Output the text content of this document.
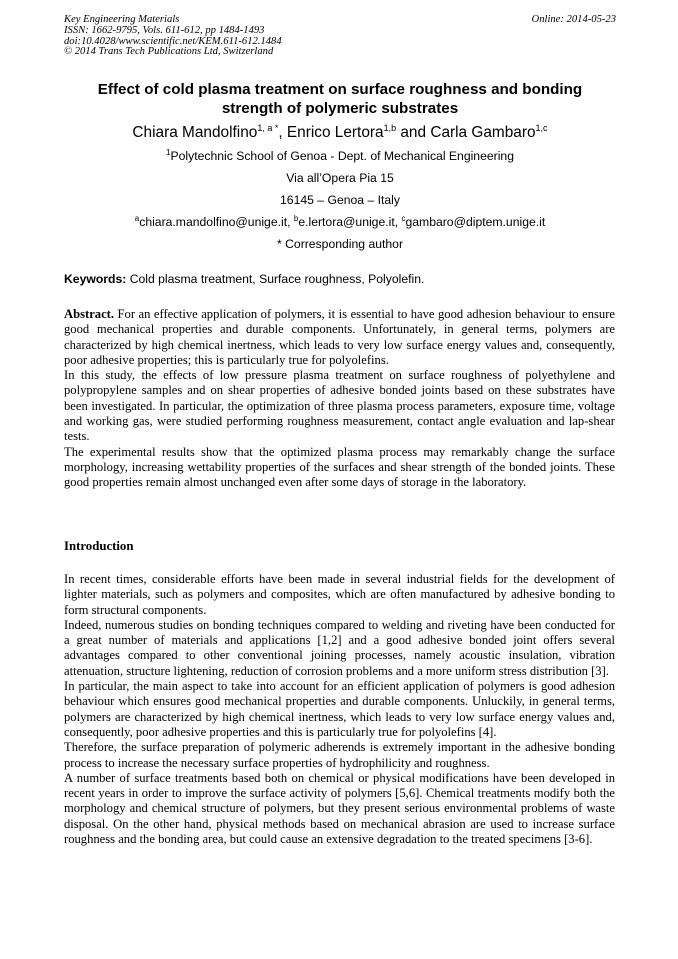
Key Engineering Materials
ISSN: 1662-9795, Vols. 611-612, pp 1484-1493
doi:10.4028/www.scientific.net/KEM.611-612.1484
© 2014 Trans Tech Publications Ltd, Switzerland
Online: 2014-05-23
Effect of cold plasma treatment on surface roughness and bonding
strength of polymeric substrates
Chiara Mandolfino$^{1, a *}$, Enrico Lertora$^{1,b}$ and Carla Gambaro$^{1,c}$
$^1$Polytechnic School of Genoa - Dept. of Mechanical Engineering
Via all’Opera Pia 15
16145 – Genoa – Italy
$^a$chiara.mandolfino@unige.it, $^b$e.lertora@unige.it, $^c$gambaro@diptem.unige.it
* Corresponding author
Keywords: Cold plasma treatment, Surface roughness, Polyolefin.

Abstract. For an effective application of polymers, it is essential to have good adhesion behaviour to ensure good mechanical properties and durable components. Unfortunately, in general terms, polymers are characterized by high chemical inertness, which leads to very low surface energy values and, consequently, poor adhesive properties; this is particularly true for polyolefins.

In this study, the effects of low pressure plasma treatment on surface roughness of polyethylene and polypropylene samples and on shear properties of adhesive bonded joints based on these substrates have been investigated. In particular, the optimization of three plasma process parameters, exposure time, voltage and working gas, were studied performing roughness measurement, contact angle evaluation and lap-shear tests.

The experimental results show that the optimized plasma process may remarkably change the surface morphology, increasing wettability properties of the surfaces and shear strength of the bonded joints. These good properties remain almost unchanged even after some days of storage in the laboratory.

Introduction

In recent times, considerable efforts have been made in several industrial fields for the development of lighter materials, such as polymers and composites, which are often manufactured by adhesive bonding to form structural components.

Indeed, numerous studies on bonding techniques compared to welding and riveting have been conducted for a great number of materials and applications [1,2] and a good adhesive bonded joint offers several advantages compared to other conventional joining processes, namely acoustic insulation, vibration attenuation, structure lightening, reduction of corrosion problems and a more uniform stress distribution [3].

In particular, the main aspect to take into account for an efficient application of polymers is good adhesion behaviour which ensures good mechanical properties and durable components. Unluckily, in general terms, polymers are characterized by high chemical inertness, which leads to very low surface energy values and, consequently, poor adhesive properties and this is particularly true for polyolefins [4].

Therefore, the surface preparation of polymeric adherends is extremely important in the adhesive bonding process to increase the necessary surface properties of hydrophilicity and roughness.

A number of surface treatments based both on chemical or physical modifications have been developed in recent years in order to improve the surface activity of polymers [5,6]. Chemical treatments modify both the morphology and chemical structure of polymers, but they present serious environmental problems of waste disposal. On the other hand, physical methods based on mechanical abrasion are used to increase surface roughness and the bonding area, but could cause an extensive degradation to the treated specimens [3-6].
